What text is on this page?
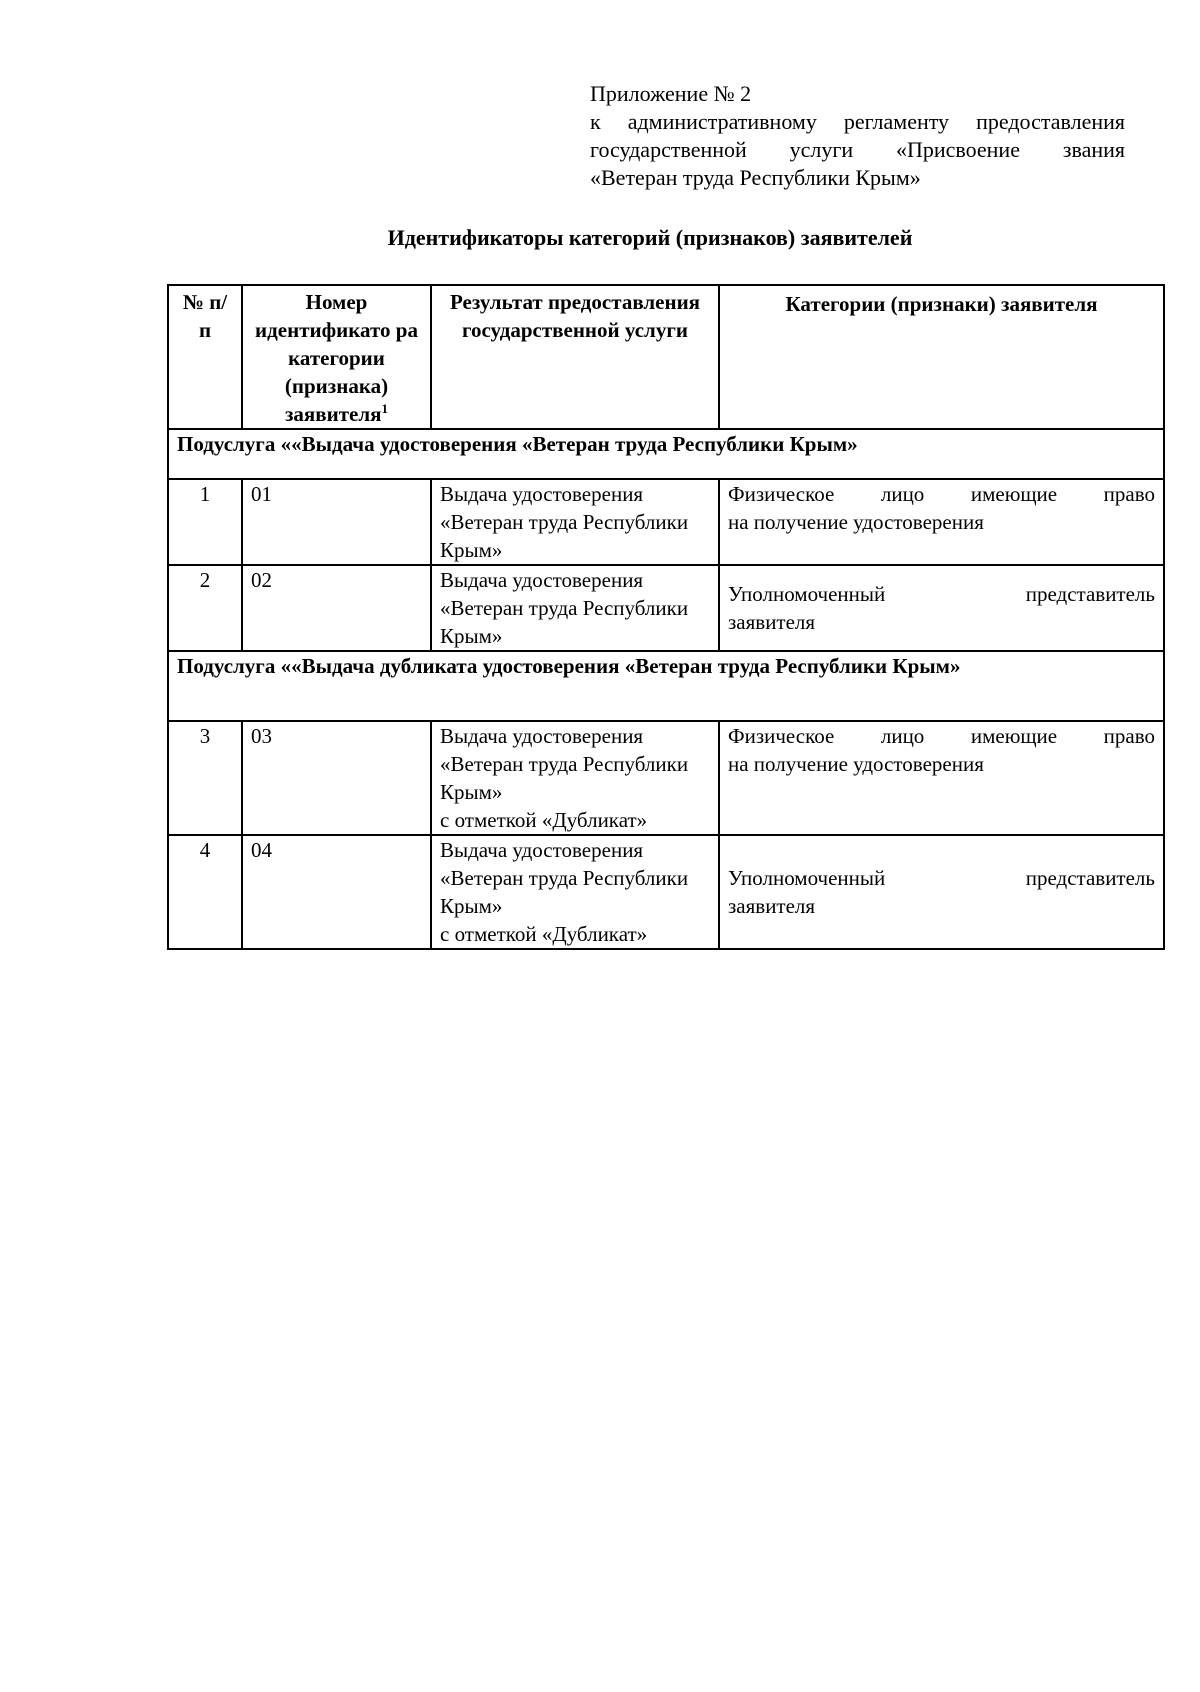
Приложение № 2
к административному регламенту предоставления
государственной услуги «Присвоение звания
«Ветеран труда Республики Крым»
Идентификаторы категорий (признаков) заявителей
№ п/п	Номер идентификато ра категории (признака) заявителя$^1$	Результат предоставления государственной услуги	Категории (признаки) заявителя
Подуслуга ««Выдача удостоверения «Ветеран труда Республики Крым»			
1	01	Выдача удостоверения «Ветеран труда Республики Крым»	Физическое лицо имеющие право
на получение удостоверения
2	02	Выдача удостоверения «Ветеран труда Республики Крым»	Уполномоченный представитель
заявителя
Подуслуга ««Выдача дубликата удостоверения «Ветеран труда Республики Крым»			
3	03	Выдача удостоверения «Ветеран труда Республики Крым»
с отметкой «Дубликат»	Физическое лицо имеющие право
на получение удостоверения
4	04	Выдача удостоверения «Ветеран труда Республики Крым»
с отметкой «Дубликат»	Уполномоченный представитель
заявителя
